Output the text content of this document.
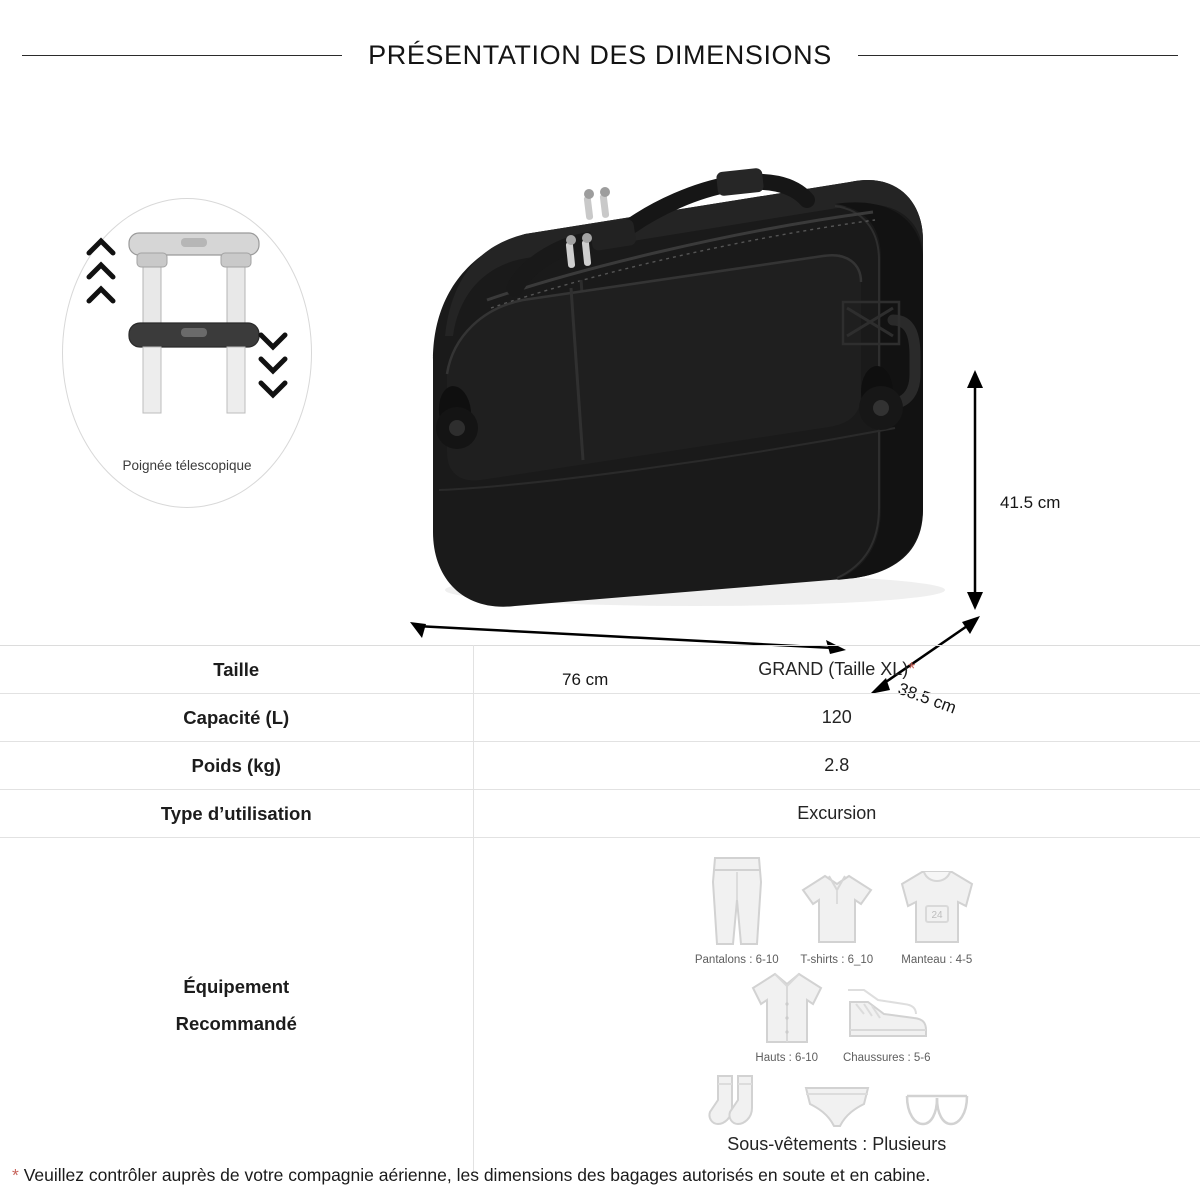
PRÉSENTATION DES DIMENSIONS
Poignée télescopique
41.5 cm
76 cm	38.5 cm
Taille	GRAND (Taille XL)*
Capacité (L)	120
Poids (kg)	2.8
Type d’utilisation	Excursion

Équipement
Recommandé

Pantalons : 6-10 T-shirts : 6_10
24
Manteau : 4-5
Hauts : 6-10 Chaussures : 5-6
Sous-vêtements : Plusieurs
* Veuillez contrôler auprès de votre compagnie aérienne, les dimensions des bagages autorisés en soute et en cabine.
